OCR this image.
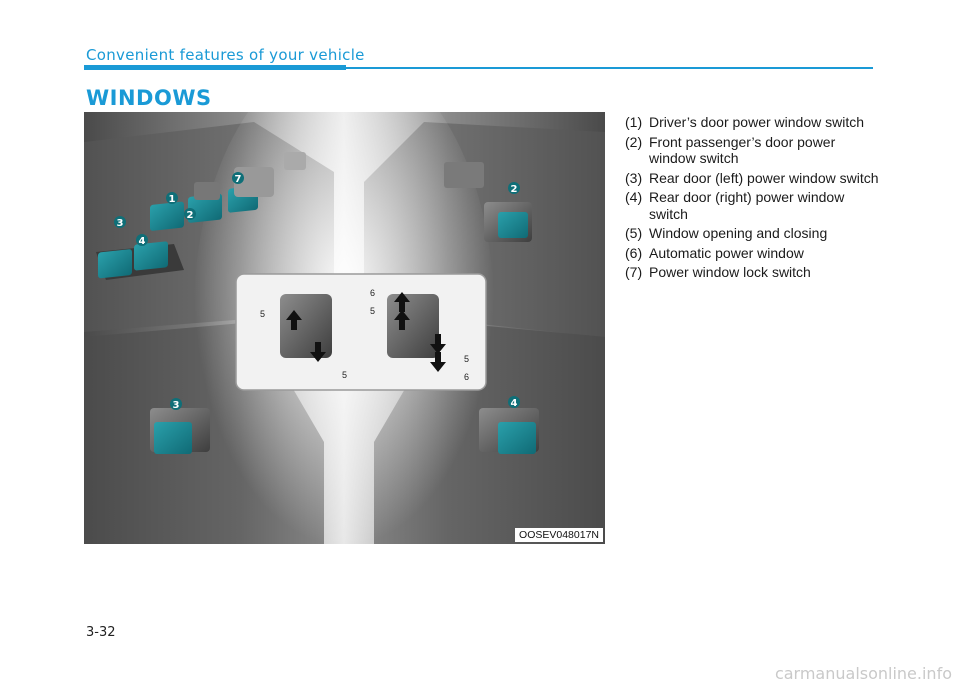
Convenient features of your vehicle
WINDOWS
5
5
6
5
5
6
1
2
3
4
7
2
3	4
OOSEV048017N
(1) Driver’s door power window switch
(2) Front passenger’s door power window switch
(3) Rear door (left) power window switch
(4) Rear door (right) power window switch
(5) Window opening and closing
(6) Automatic power window
(7) Power window lock switch
3-32
carmanualsonline.info
